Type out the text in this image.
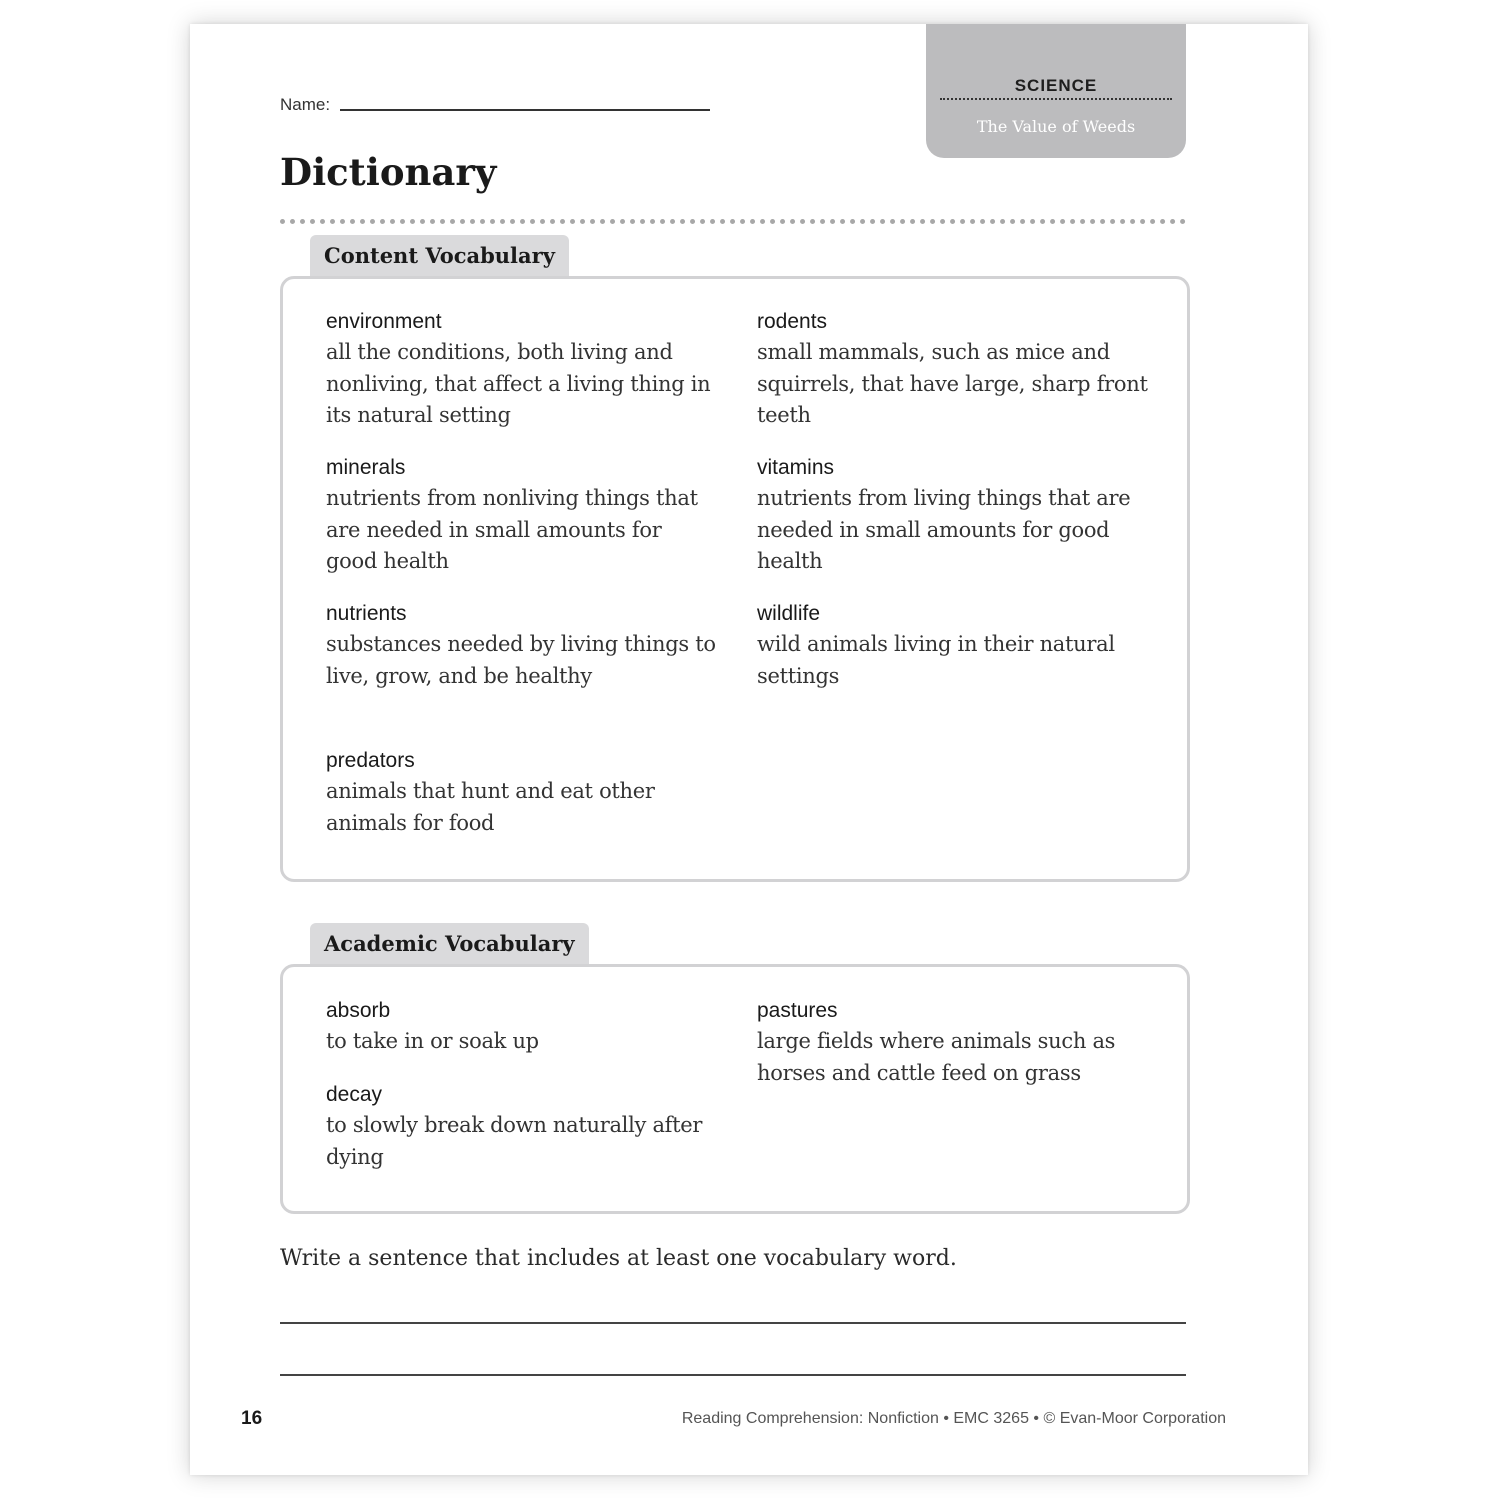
SCIENCE
The Value of Weeds
Name:
Dictionary
Content Vocabulary
environment
all the conditions, both living and nonliving, that affect a living thing in its natural setting
minerals
nutrients from nonliving things that are needed in small amounts for good health
nutrients
substances needed by living things to live, grow, and be healthy
predators
animals that hunt and eat other animals for food
rodents
small mammals, such as mice and squirrels, that have large, sharp front teeth
vitamins
nutrients from living things that are needed in small amounts for good health
wildlife
wild animals living in their natural settings
Academic Vocabulary
absorb
to take in or soak up
decay
to slowly break down naturally after dying
pastures
large fields where animals such as horses and cattle feed on grass
Write a sentence that includes at least one vocabulary word.
16	Reading Comprehension: Nonfiction • EMC 3265 • © Evan-Moor Corporation
